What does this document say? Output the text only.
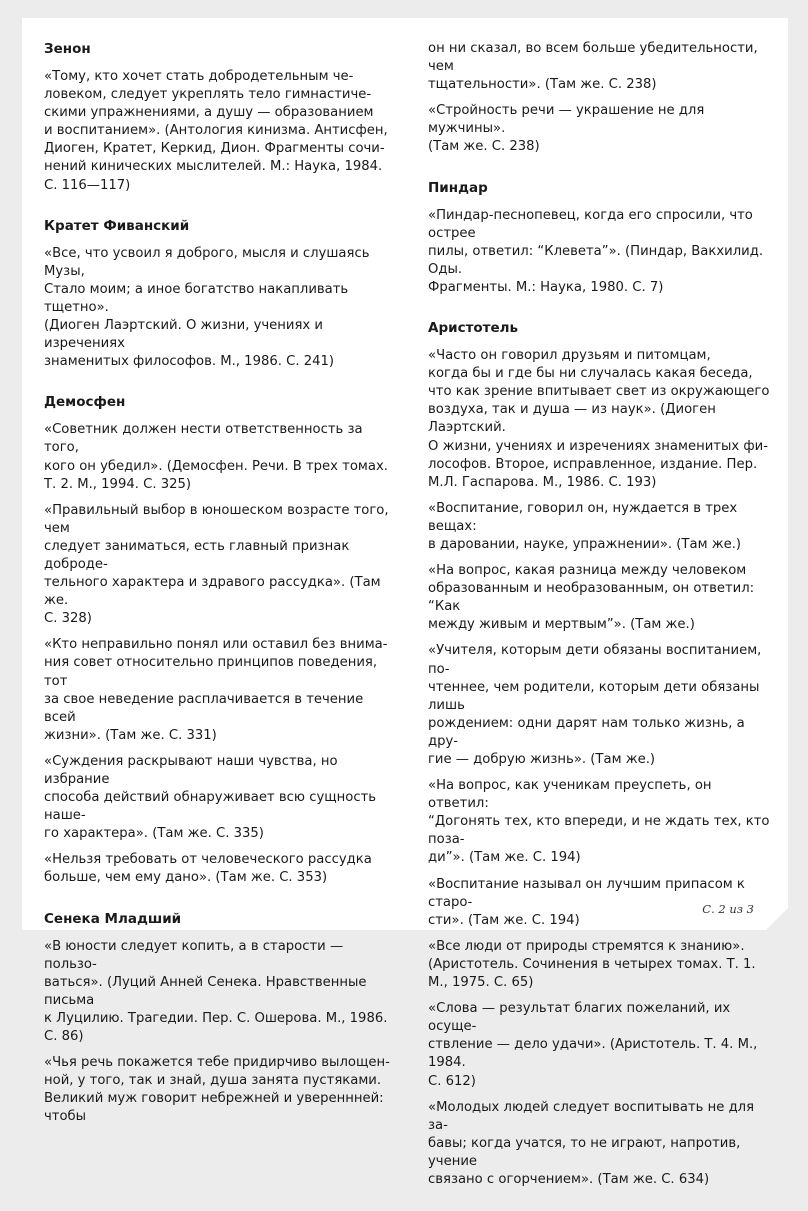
Зенон

«Тому, кто хочет стать добродетельным че-
ловеком, следует укреплять тело гимнастиче-
скими упражнениями, а душу — образованием
и воспитанием». (Антология кинизма. Антисфен,
Диоген, Кратет, Керкид, Дион. Фрагменты сочи-
нений кинических мыслителей. М.: Наука, 1984.
С. 116—117)

Кратет Фиванский

«Все, что усвоил я доброго, мысля и слушаясь Музы,
Стало моим; а иное богатство накапливать тщетно».
(Диоген Лаэртский. О жизни, учениях и изречениях
знаменитых философов. М., 1986. С. 241)

Демосфен

«Советник должен нести ответственность за того,
кого он убедил». (Демосфен. Речи. В трех томах.
Т. 2. М., 1994. С. 325)

«Правильный выбор в юношеском возрасте того, чем
следует заниматься, есть главный признак доброде-
тельного характера и здравого рассудка». (Там же.
С. 328)

«Кто неправильно понял или оставил без внима-
ния совет относительно принципов поведения, тот
за свое неведение расплачивается в течение всей
жизни». (Там же. С. 331)

«Суждения раскрывают наши чувства, но избрание
способа действий обнаруживает всю сущность наше-
го характера». (Там же. С. 335)

«Нельзя требовать от человеческого рассудка
больше, чем ему дано». (Там же. С. 353)

Сенека Младший

«В юности следует копить, а в старости — пользо-
ваться». (Луций Анней Сенека. Нравственные письма
к Луцилию. Трагедии. Пер. С. Ошерова. М., 1986.
С. 86)

«Чья речь покажется тебе придирчиво вылощен-
ной, у того, так и знай, душа занята пустяками.
Великий муж говорит небрежней и увереннней: чтобы

он ни сказал, во всем больше убедительности, чем
тщательности». (Там же. С. 238)

«Стройность речи — украшение не для мужчины».
(Там же. С. 238)

Пиндар

«Пиндар-песнопевец, когда его спросили, что острее
пилы, ответил: “Клевета”». (Пиндар, Вакхилид. Оды.
Фрагменты. М.: Наука, 1980. С. 7)

Аристотель

«Часто он говорил друзьям и питомцам,
когда бы и где бы ни случалась какая беседа,
что как зрение впитывает свет из окружающего
воздуха, так и душа — из наук». (Диоген Лаэртский.
О жизни, учениях и изречениях знаменитых фи-
лософов. Второе, исправленное, издание. Пер.
М.Л. Гаспарова. М., 1986. С. 193)

«Воспитание, говорил он, нуждается в трех вещах:
в даровании, науке, упражнении». (Там же.)

«На вопрос, какая разница между человеком
образованным и необразованным, он ответил: “Как
между живым и мертвым”». (Там же.)

«Учителя, которым дети обязаны воспитанием, по-
чтеннее, чем родители, которым дети обязаны лишь
рождением: одни дарят нам только жизнь, а дру-
гие — добрую жизнь». (Там же.)

«На вопрос, как ученикам преуспеть, он ответил:
“Догонять тех, кто впереди, и не ждать тех, кто поза-
ди”». (Там же. С. 194)

«Воспитание называл он лучшим припасом к старо-
сти». (Там же. С. 194)

«Все люди от природы стремятся к знанию».
(Аристотель. Сочинения в четырех томах. Т. 1.
М., 1975. С. 65)

«Слова — результат благих пожеланий, их осуще-
ствление — дело удачи». (Аристотель. Т. 4. М., 1984.
С. 612)

«Молодых людей следует воспитывать не для за-
бавы; когда учатся, то не играют, напротив, учение
связано с огорчением». (Там же. С. 634)

С. 2 из 3
